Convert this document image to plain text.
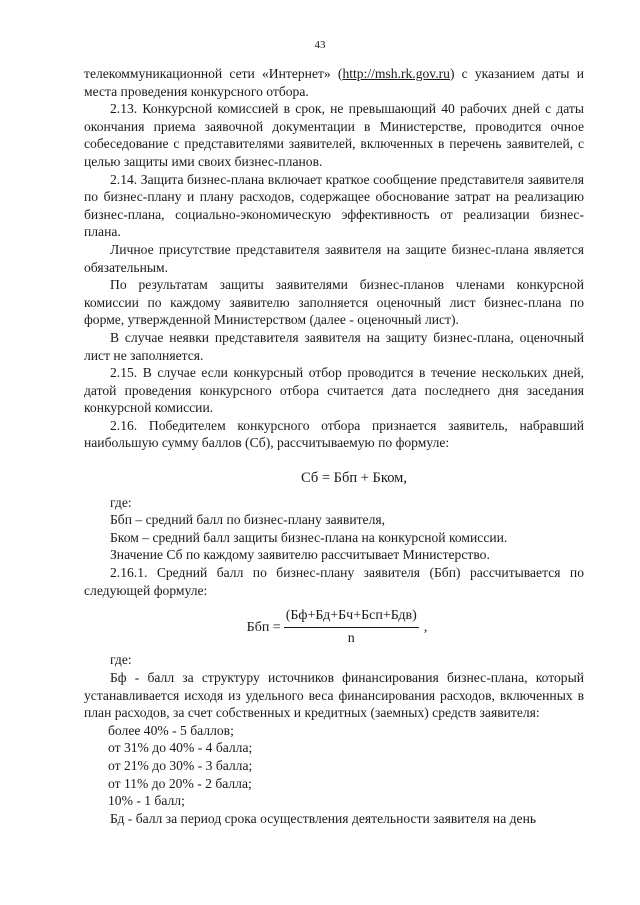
43

телекоммуникационной сети «Интернет» (http://msh.rk.gov.ru) с указанием даты и места проведения конкурсного отбора.

2.13. Конкурсной комиссией в срок, не превышающий 40 рабочих дней с даты окончания приема заявочной документации в Министерстве, проводится очное собеседование с представителями заявителей, включенных в перечень заявителей, с целью защиты ими своих бизнес-планов.

2.14. Защита бизнес-плана включает краткое сообщение представителя заявителя по бизнес-плану и плану расходов, содержащее обоснование затрат на реализацию бизнес-плана, социально-экономическую эффективность от реализации бизнес-плана.

Личное присутствие представителя заявителя на защите бизнес-плана является обязательным.

По результатам защиты заявителями бизнес-планов членами конкурсной комиссии по каждому заявителю заполняется оценочный лист бизнес-плана по форме, утвержденной Министерством (далее - оценочный лист).

В случае неявки представителя заявителя на защиту бизнес-плана, оценочный лист не заполняется.

2.15. В случае если конкурсный отбор проводится в течение нескольких дней, датой проведения конкурсного отбора считается дата последнего дня заседания конкурсной комиссии.

2.16. Победителем конкурсного отбора признается заявитель, набравший наибольшую сумму баллов (Сб), рассчитываемую по формуле:

Сб = Ббп + Бком,

где:

Ббп – средний балл по бизнес-плану заявителя,

Бком – средний балл защиты бизнес-плана на конкурсной комиссии.

Значение Сб по каждому заявителю рассчитывает Министерство.

2.16.1. Средний балл по бизнес-плану заявителя (Ббп) рассчитывается по следующей формуле:

Ббп = $\frac{\text{(Бф+Бд+Бч+Бсп+Бдв)}}{n}$ ,

где:

Бф - балл за структуру источников финансирования бизнес-плана, который устанавливается исходя из удельного веса финансирования расходов, включенных в план расходов, за счет собственных и кредитных (заемных) средств заявителя:

более 40% - 5 баллов;

от 31% до 40% - 4 балла;

от 21% до 30% - 3 балла;

от 11% до 20% - 2 балла;

10% - 1 балл;

Бд - балл за период срока осуществления деятельности заявителя на день
